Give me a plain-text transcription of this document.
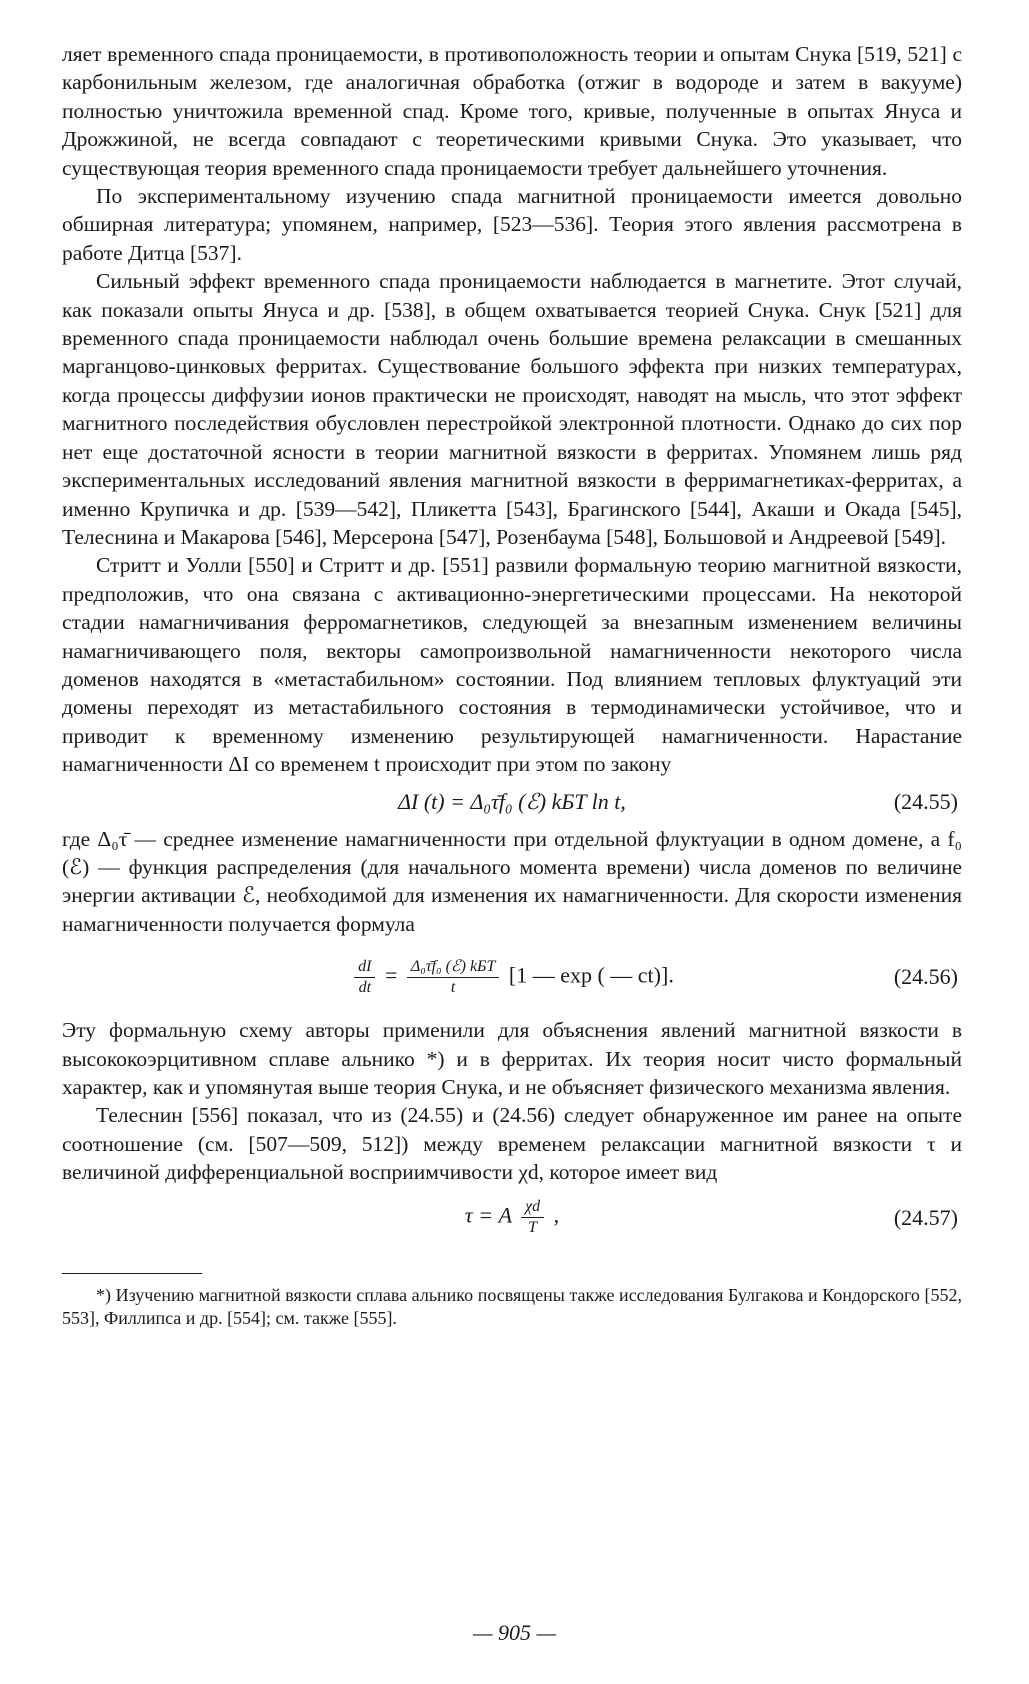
ляет временного спада проницаемости, в противоположность теории и опытам Снука [519, 521] с карбонильным железом, где аналогичная обработка (отжиг в водороде и затем в вакууме) полностью уничтожила временной спад. Кроме того, кривые, полученные в опытах Януса и Дрожжиной, не всегда совпадают с теоретическими кривыми Снука. Это указывает, что существующая теория временного спада проницаемости требует дальнейшего уточнения.

По экспериментальному изучению спада магнитной проницаемости имеется довольно обширная литература; упомянем, например, [523—536]. Теория этого явления рассмотрена в работе Дитца [537].

Сильный эффект временного спада проницаемости наблюдается в магнетите. Этот случай, как показали опыты Януса и др. [538], в общем охватывается теорией Снука. Снук [521] для временного спада проницаемости наблюдал очень большие времена релаксации в смешанных марганцово-цинковых ферритах. Существование большого эффекта при низких температурах, когда процессы диффузии ионов практически не происходят, наводят на мысль, что этот эффект магнитного последействия обусловлен перестройкой электронной плотности. Однако до сих пор нет еще достаточной ясности в теории магнитной вязкости в ферритах. Упомянем лишь ряд экспериментальных исследований явления магнитной вязкости в ферримагнетиках-ферритах, а именно Крупичка и др. [539—542], Пликетта [543], Брагинского [544], Акаши и Окада [545], Телеснина и Макарова [546], Мерсерона [547], Розенбаума [548], Большовой и Андреевой [549].

Стритт и Уолли [550] и Стритт и др. [551] развили формальную теорию магнитной вязкости, предположив, что она связана с активационно-энергетическими процессами. На некоторой стадии намагничивания ферромагнетиков, следующей за внезапным изменением величины намагничивающего поля, векторы самопроизвольной намагниченности некоторого числа доменов находятся в «метастабильном» состоянии. Под влиянием тепловых флуктуаций эти домены переходят из метастабильного состояния в термодинамически устойчивое, что и приводит к временному изменению результирующей намагниченности. Нарастание намагниченности ΔI со временем t происходит при этом по закону

ΔI (t) = Δ₀τ̄f₀ (ℰ) kБT ln t,	(24.55)

где Δ₀τ̄ — среднее изменение намагниченности при отдельной флуктуации в одном домене, а f₀ (ℰ) — функция распределения (для начального момента времени) числа доменов по величине энергии активации ℰ, необходимой для изменения их намагниченности. Для скорости изменения намагниченности получается формула

$\frac{dI}{dt}$ = Δ₀τ̄f₀ (ℰ) kБT
t [1 — exp ( — ct)].	(24.56)

Эту формальную схему авторы применили для объяснения явлений магнитной вязкости в высококоэрцитивном сплаве альнико *) и в ферритах. Их теория носит чисто формальный характер, как и упомянутая выше теория Снука, и не объясняет физического механизма явления.

Телеснин [556] показал, что из (24.55) и (24.56) следует обнаруженное им ранее на опыте соотношение (см. [507—509, 512]) между временем релаксации магнитной вязкости τ и величиной дифференциальной восприимчивости χd, которое имеет вид

τ = A $\frac{\chi d}{T}$ ,	(24.57)

*) Изучению магнитной вязкости сплава альнико посвящены также исследования Булгакова и Кондорского [552, 553], Филлипса и др. [554]; см. также [555].

— 905 —
